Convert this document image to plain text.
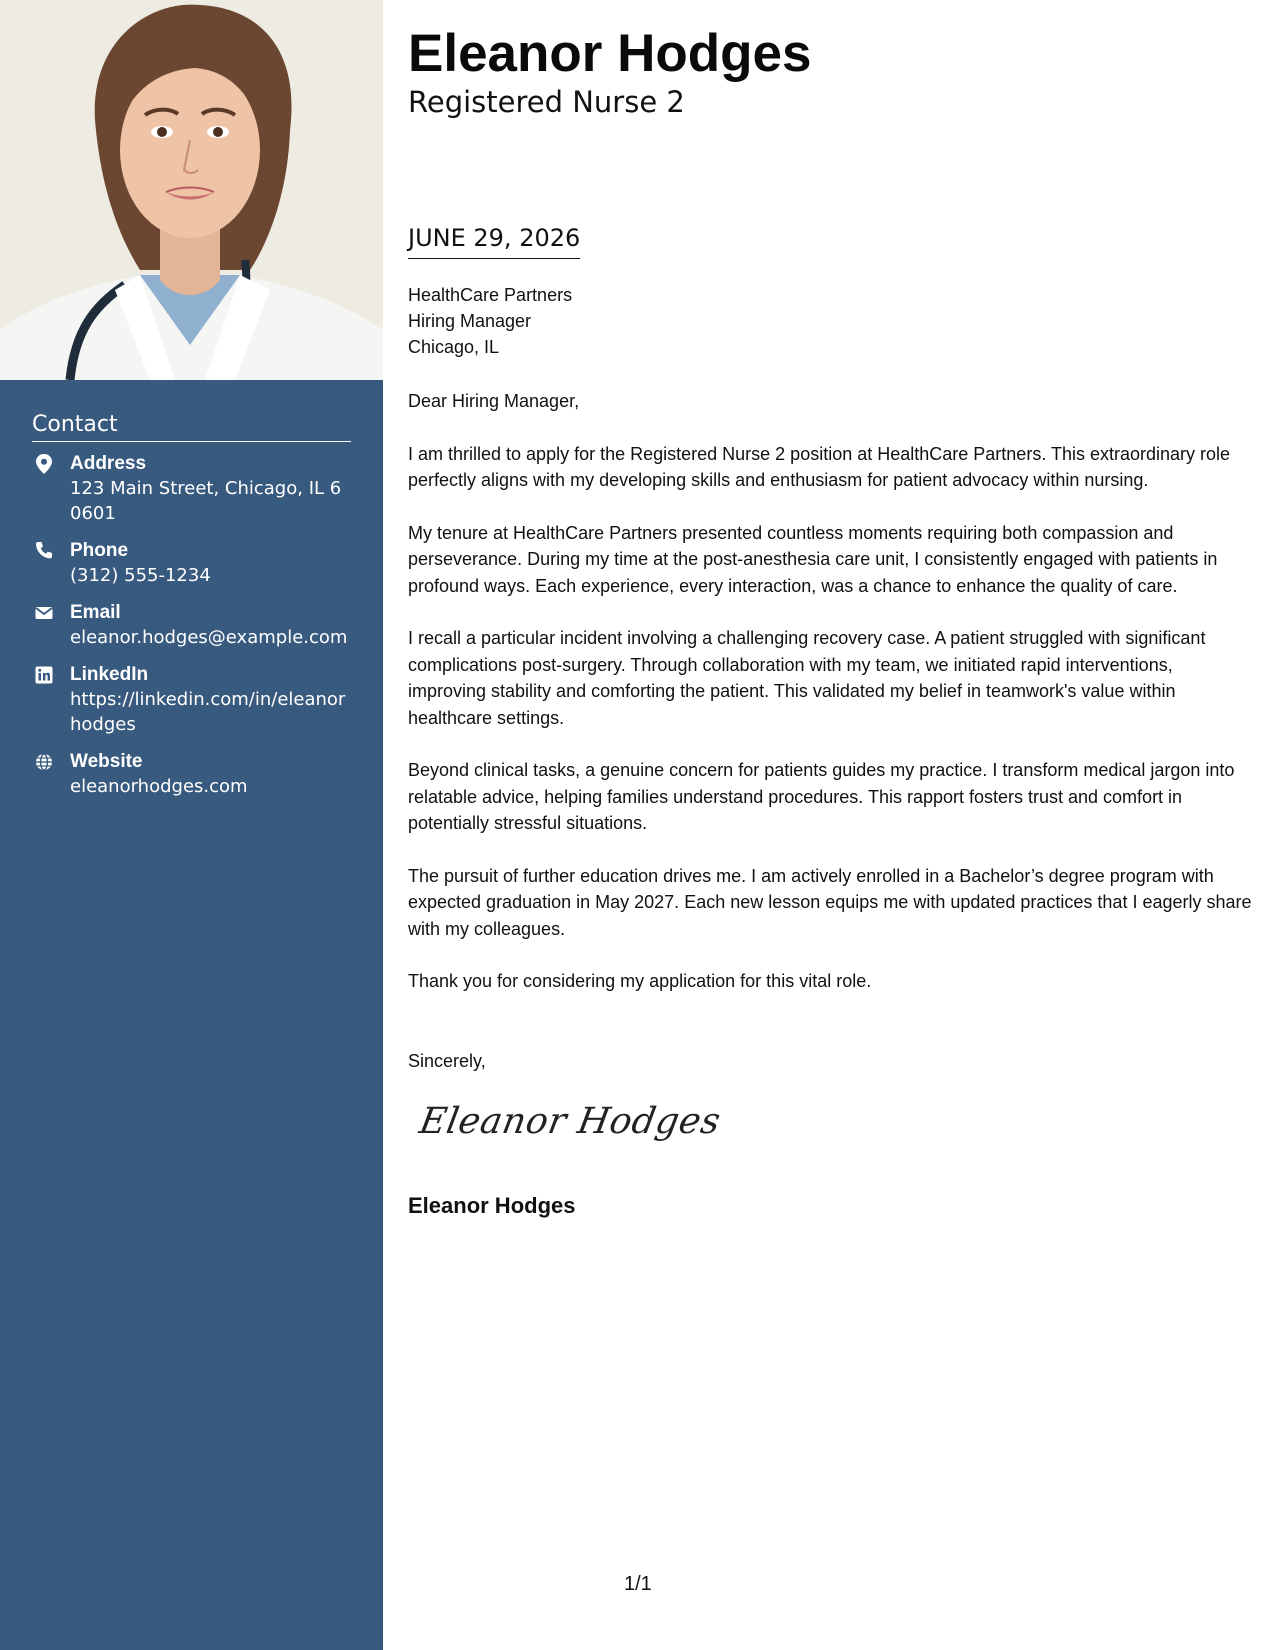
Contact
Address
123 Main Street, Chicago, IL 60601
Phone
(312) 555-1234
Email
eleanor.hodges@example.com
LinkedIn
https://linkedin.com/in/eleanorhodges
Website
eleanorhodges.com
Eleanor Hodges
Registered Nurse 2
JUNE 29, 2026
HealthCare Partners
Hiring Manager
Chicago, IL

Dear Hiring Manager,

I am thrilled to apply for the Registered Nurse 2 position at HealthCare Partners. This extraordinary role perfectly aligns with my developing skills and enthusiasm for patient advocacy within nursing.

My tenure at HealthCare Partners presented countless moments requiring both compassion and perseverance. During my time at the post-anesthesia care unit, I consistently engaged with patients in profound ways. Each experience, every interaction, was a chance to enhance the quality of care.

I recall a particular incident involving a challenging recovery case. A patient struggled with significant complications post-surgery. Through collaboration with my team, we initiated rapid interventions, improving stability and comforting the patient. This validated my belief in teamwork's value within healthcare settings.

Beyond clinical tasks, a genuine concern for patients guides my practice. I transform medical jargon into relatable advice, helping families understand procedures. This rapport fosters trust and comfort in potentially stressful situations.

The pursuit of further education drives me. I am actively enrolled in a Bachelor’s degree program with expected graduation in May 2027. Each new lesson equips me with updated practices that I eagerly share with my colleagues.

Thank you for considering my application for this vital role.

Sincerely,
Eleanor Hodges
Eleanor Hodges
1/1
